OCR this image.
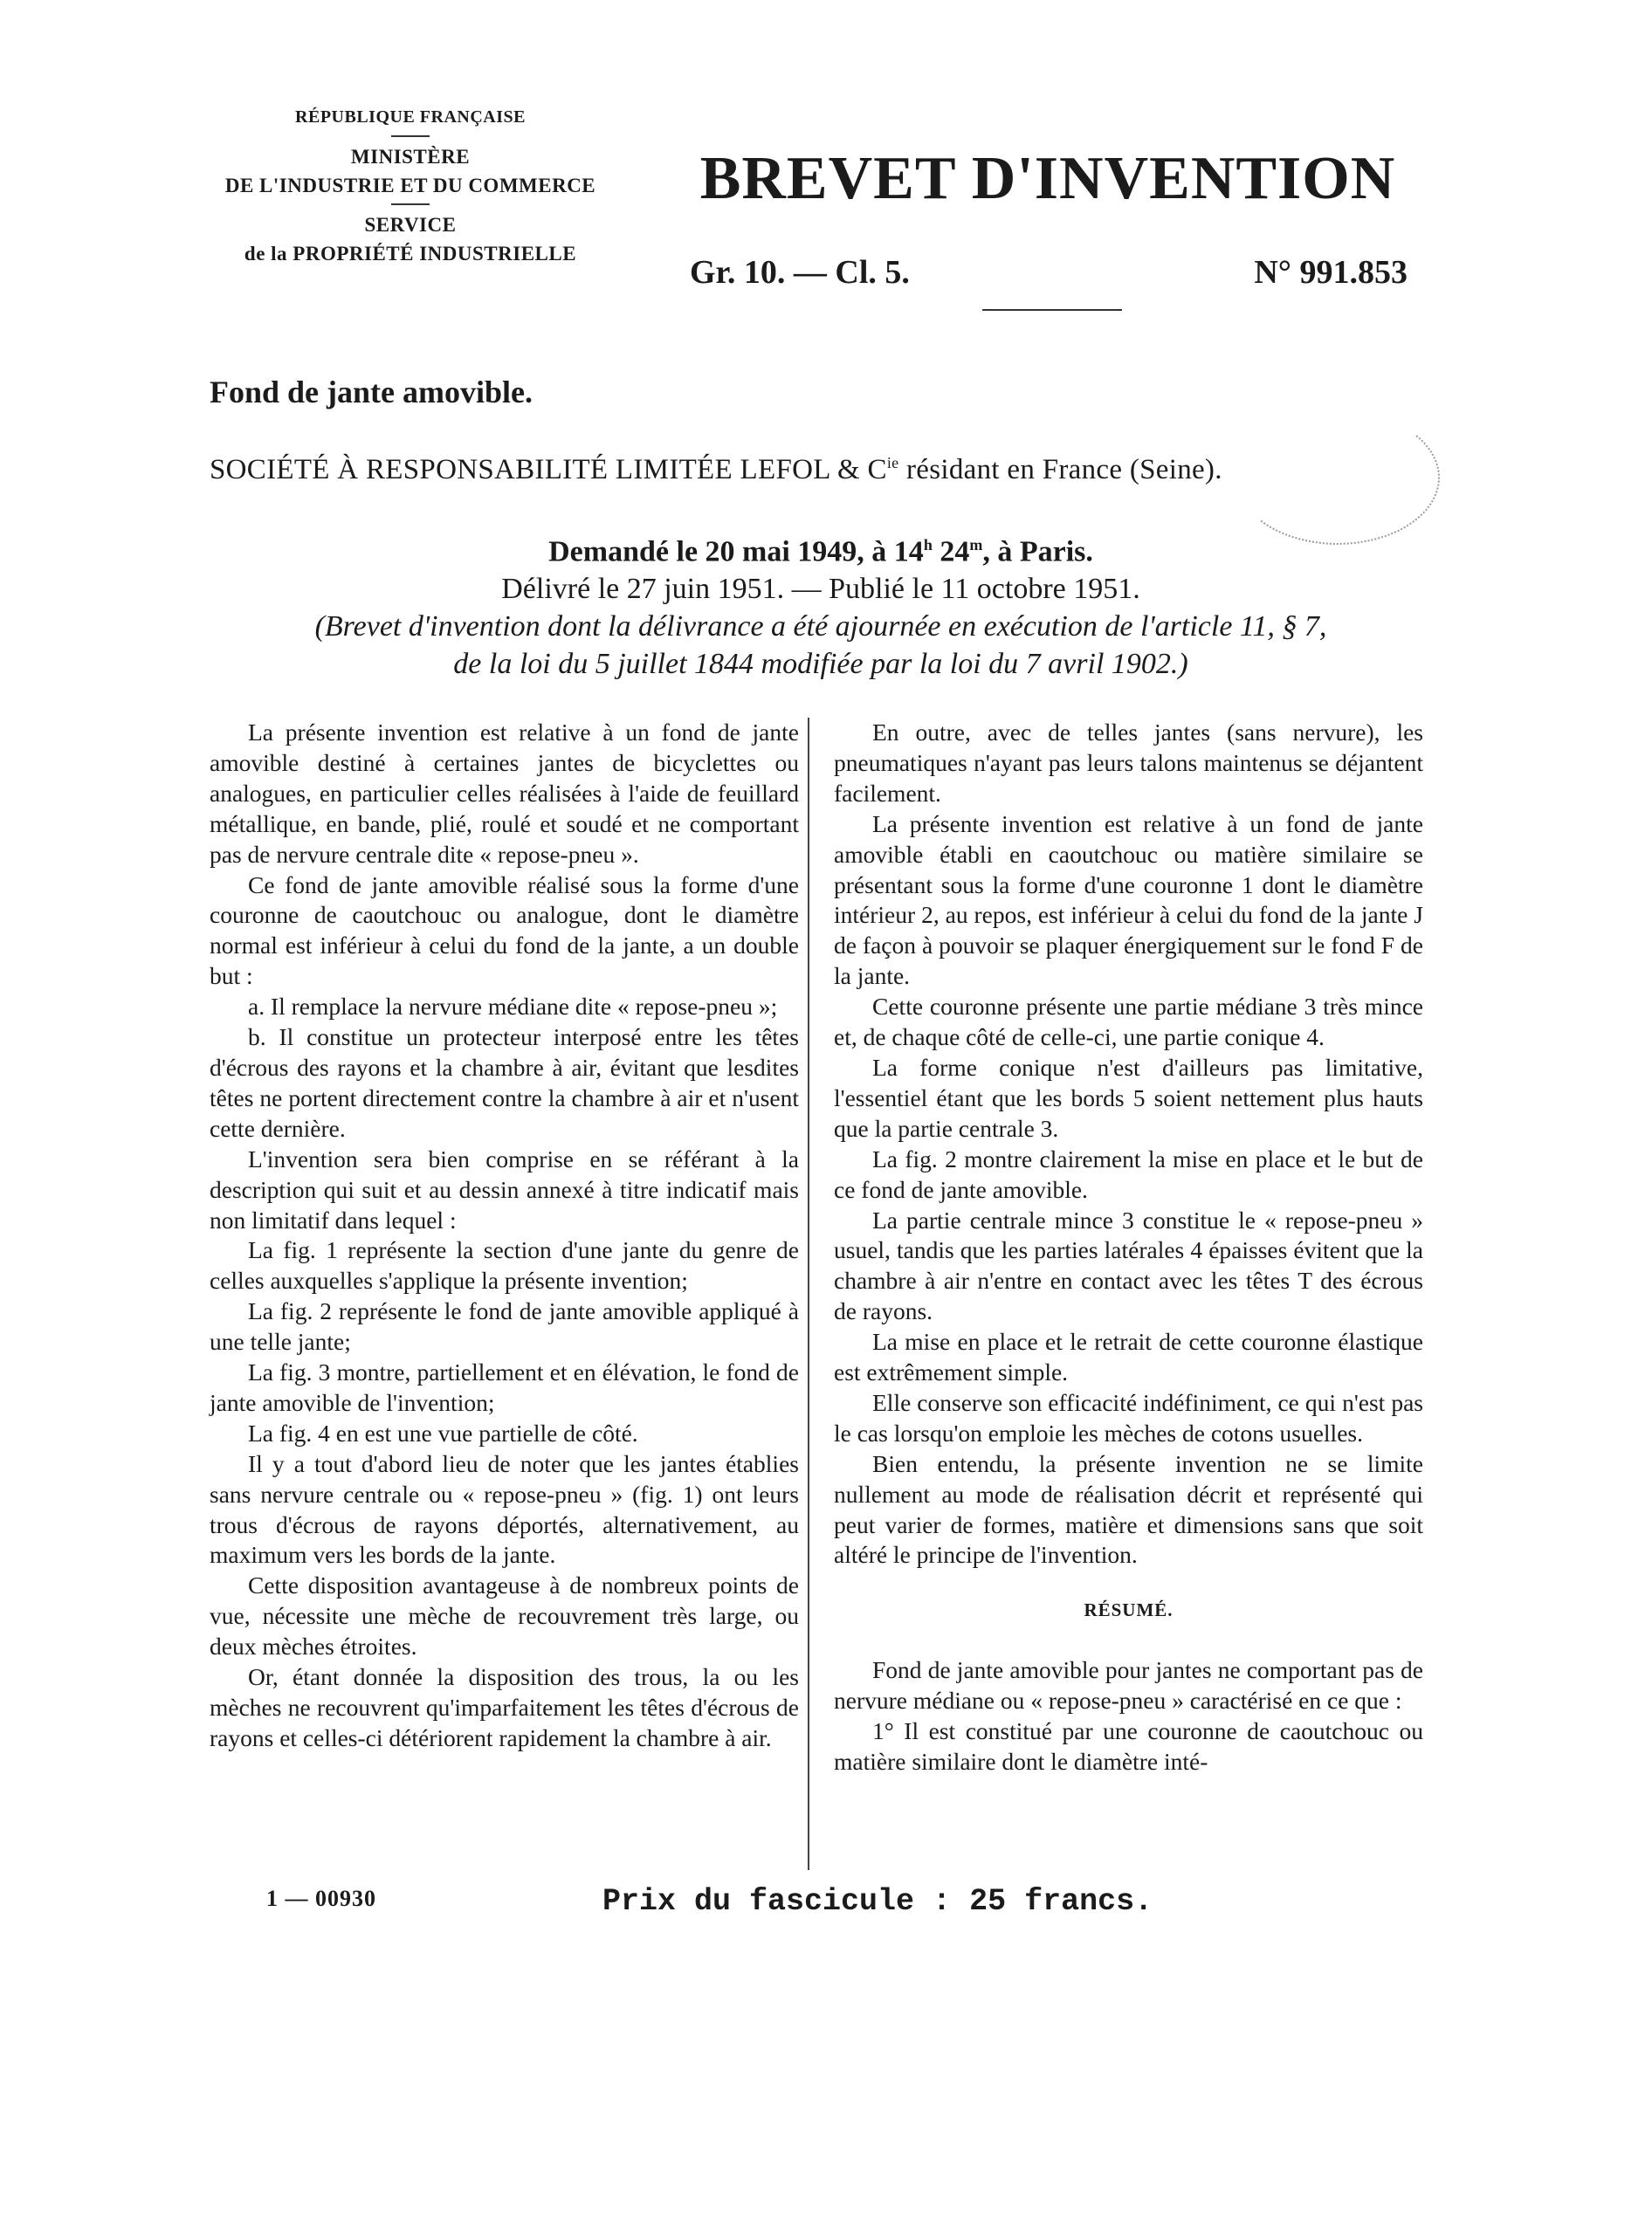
RÉPUBLIQUE FRANÇAISE
MINISTÈRE
DE L'INDUSTRIE ET DU COMMERCE
SERVICE
de la PROPRIÉTÉ INDUSTRIELLE
BREVET D'INVENTION
Gr. 10. — Cl. 5.	N° 991.853
Fond de jante amovible.
SOCIÉTÉ À RESPONSABILITÉ LIMITÉE LEFOL & $C^{ie}$ résidant en France (Seine).
Demandé le 20 mai 1949, à 14$^h$ 24$^m$, à Paris.
Délivré le 27 juin 1951. — Publié le 11 octobre 1951.
(Brevet d'invention dont la délivrance a été ajournée en exécution de l'article 11, § 7,
de la loi du 5 juillet 1844 modifiée par la loi du 7 avril 1902.)

La présente invention est relative à un fond de jante amovible destiné à certaines jantes de bicyclettes ou analogues, en particulier celles réalisées à l'aide de feuillard métallique, en bande, plié, roulé et soudé et ne comportant pas de nervure centrale dite « repose-pneu ».

Ce fond de jante amovible réalisé sous la forme d'une couronne de caoutchouc ou analogue, dont le diamètre normal est inférieur à celui du fond de la jante, a un double but :

a. Il remplace la nervure médiane dite « repose-pneu »;

b. Il constitue un protecteur interposé entre les têtes d'écrous des rayons et la chambre à air, évitant que lesdites têtes ne portent directement contre la chambre à air et n'usent cette dernière.

L'invention sera bien comprise en se référant à la description qui suit et au dessin annexé à titre indicatif mais non limitatif dans lequel :

La fig. 1 représente la section d'une jante du genre de celles auxquelles s'applique la présente invention;

La fig. 2 représente le fond de jante amovible appliqué à une telle jante;

La fig. 3 montre, partiellement et en élévation, le fond de jante amovible de l'invention;

La fig. 4 en est une vue partielle de côté.

Il y a tout d'abord lieu de noter que les jantes établies sans nervure centrale ou « repose-pneu » (fig. 1) ont leurs trous d'écrous de rayons déportés, alternativement, au maximum vers les bords de la jante.

Cette disposition avantageuse à de nombreux points de vue, nécessite une mèche de recouvrement très large, ou deux mèches étroites.

Or, étant donnée la disposition des trous, la ou les mèches ne recouvrent qu'imparfaitement les têtes d'écrous de rayons et celles-ci détériorent rapidement la chambre à air.

En outre, avec de telles jantes (sans nervure), les pneumatiques n'ayant pas leurs talons maintenus se déjantent facilement.

La présente invention est relative à un fond de jante amovible établi en caoutchouc ou matière similaire se présentant sous la forme d'une couronne 1 dont le diamètre intérieur 2, au repos, est inférieur à celui du fond de la jante J de façon à pouvoir se plaquer énergiquement sur le fond F de la jante.

Cette couronne présente une partie médiane 3 très mince et, de chaque côté de celle-ci, une partie conique 4.

La forme conique n'est d'ailleurs pas limitative, l'essentiel étant que les bords 5 soient nettement plus hauts que la partie centrale 3.

La fig. 2 montre clairement la mise en place et le but de ce fond de jante amovible.

La partie centrale mince 3 constitue le « repose-pneu » usuel, tandis que les parties latérales 4 épaisses évitent que la chambre à air n'entre en contact avec les têtes T des écrous de rayons.

La mise en place et le retrait de cette couronne élastique est extrêmement simple.

Elle conserve son efficacité indéfiniment, ce qui n'est pas le cas lorsqu'on emploie les mèches de cotons usuelles.

Bien entendu, la présente invention ne se limite nullement au mode de réalisation décrit et représenté qui peut varier de formes, matière et dimensions sans que soit altéré le principe de l'invention.

RÉSUMÉ.

Fond de jante amovible pour jantes ne comportant pas de nervure médiane ou « repose-pneu » caractérisé en ce que :

1° Il est constitué par une couronne de caoutchouc ou matière similaire dont le diamètre inté-

1 — 00930	Prix du fascicule : 25 francs.
